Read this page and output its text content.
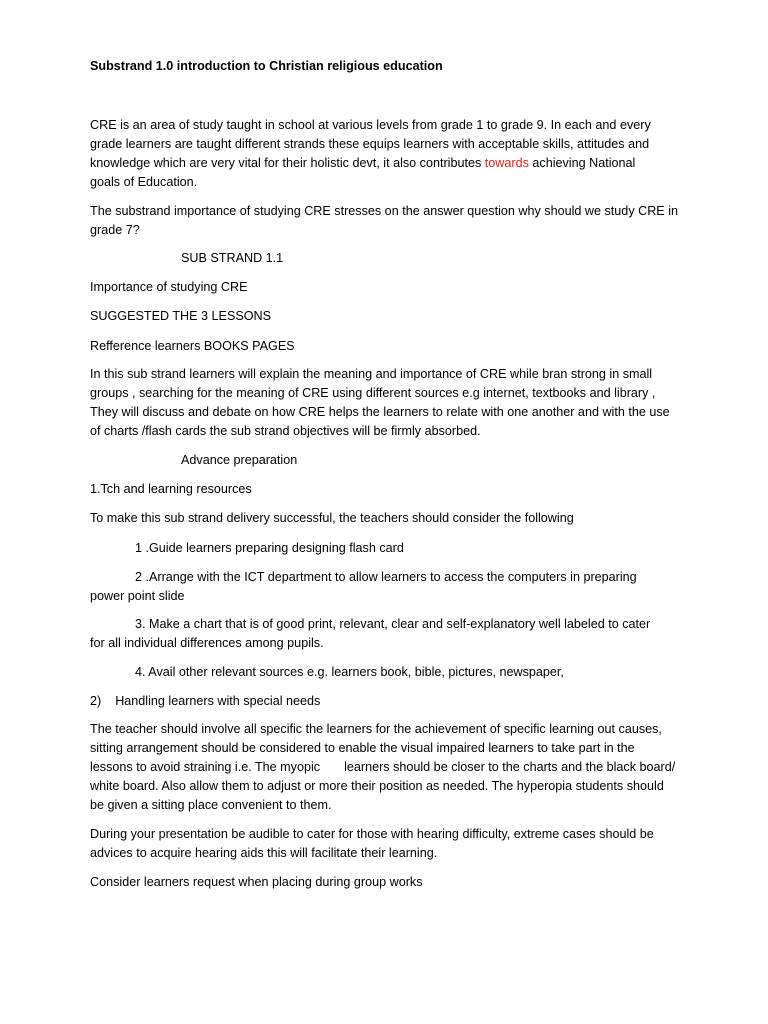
Substrand 1.0 introduction to Christian religious education

CRE is an area of study taught in school at various levels from grade 1 to grade 9. In each and every

grade learners are taught different strands these equips learners with acceptable skills, attitudes and

knowledge which are very vital for their holistic devt, it also contributes towards achieving National

goals of Education.

The substrand importance of studying CRE stresses on the answer question why should we study CRE in

grade 7?

SUB STRAND 1.1

Importance of studying CRE

SUGGESTED THE 3 LESSONS

Refference learners BOOKS PAGES

In this sub strand learners will explain the meaning and importance of CRE while bran strong in small

groups , searching for the meaning of CRE using different sources e.g internet, textbooks and library ,

They will discuss and debate on how CRE helps the learners to relate with one another and with the use

of charts /flash cards the sub strand objectives will be firmly absorbed.

Advance preparation

1.Tch and learning resources

To make this sub strand delivery successful, the teachers should consider the following

1 .Guide learners preparing designing flash card

2 .Arrange with the ICT department to allow learners to access the computers in preparing

power point slide

3. Make a chart that is of good print, relevant, clear and self-explanatory well labeled to cater

for all individual differences among pupils.

4. Avail other relevant sources e.g. learners book, bible, pictures, newspaper,

2) Handling learners with special needs

The teacher should involve all specific the learners for the achievement of specific learning out causes,

sitting arrangement should be considered to enable the visual impaired learners to take part in the

lessons to avoid straining i.e. The myopic learners should be closer to the charts and the black board/

white board. Also allow them to adjust or more their position as needed. The hyperopia students should

be given a sitting place convenient to them.

During your presentation be audible to cater for those with hearing difficulty, extreme cases should be

advices to acquire hearing aids this will facilitate their learning.

Consider learners request when placing during group works
